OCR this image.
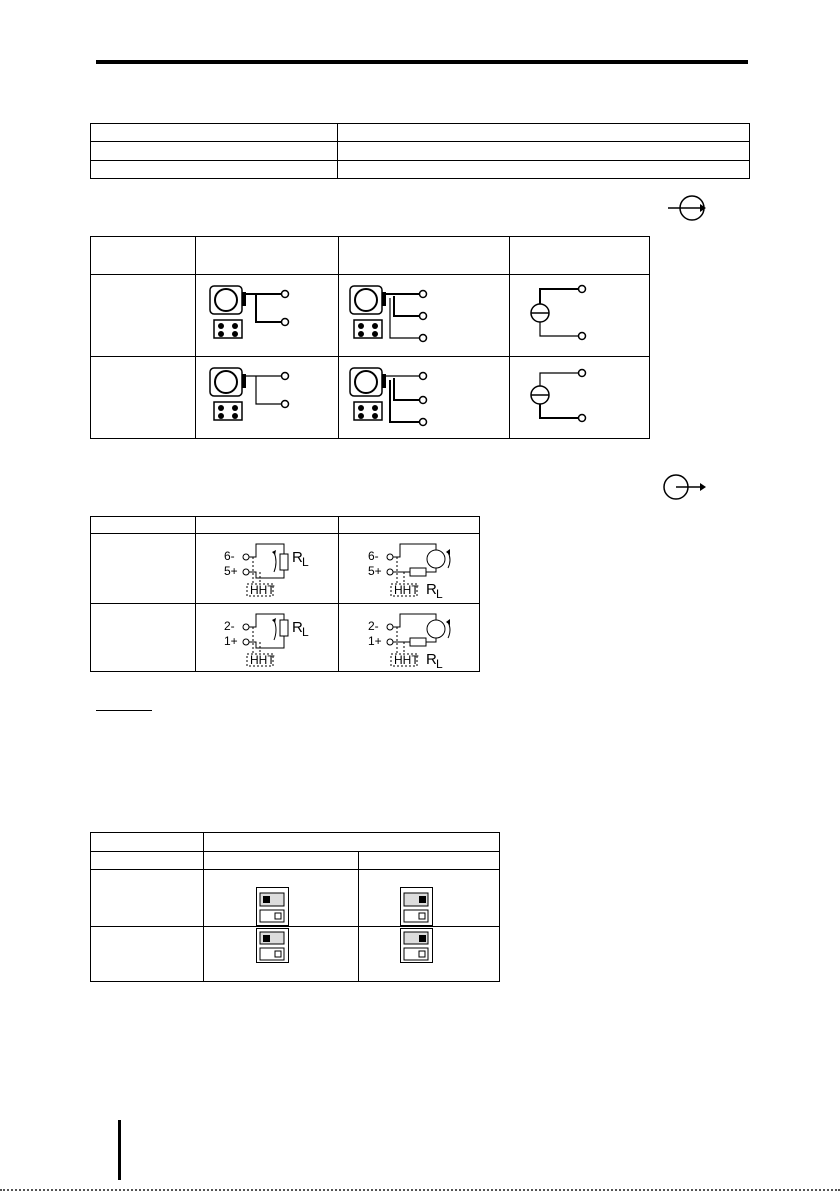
6-
5+
HHT
R L	6-
5+
HHT R L
2-
1+
HHT
R L	2-
1+
HHT R L
